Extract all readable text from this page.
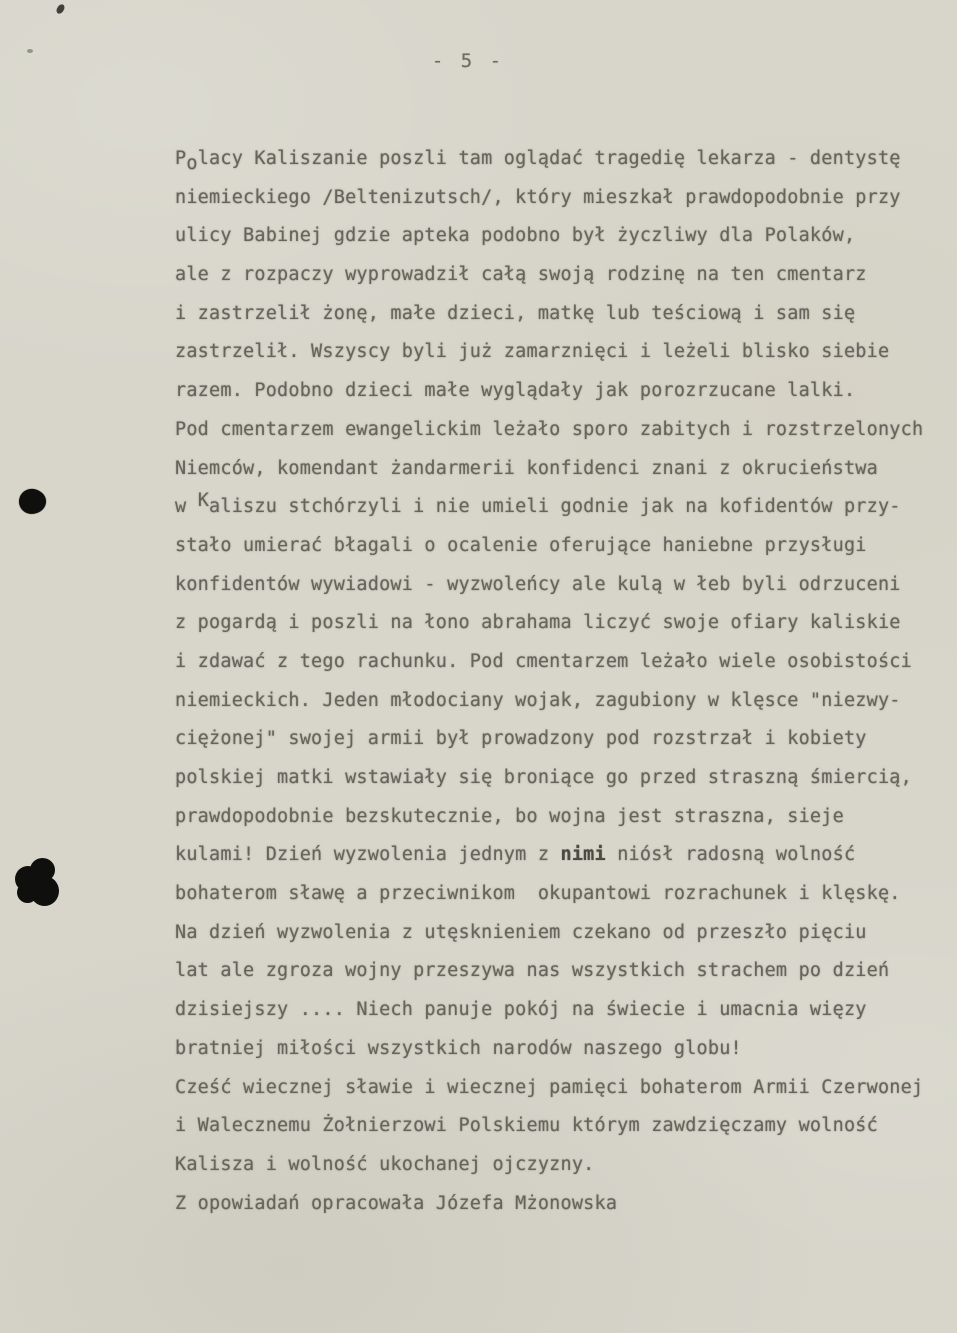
- 5 -
Polacy Kaliszanie poszli tam oglądać tragedię lekarza - dentystę
niemieckiego /Beltenizutsch/, który mieszkał prawdopodobnie przy
ulicy Babinej gdzie apteka podobno był życzliwy dla Polaków,
ale z rozpaczy wyprowadził całą swoją rodzinę na ten cmentarz
i zastrzelił żonę, małe dzieci, matkę lub teściową i sam się
zastrzelił. Wszyscy byli już zamarznięci i leżeli blisko siebie
razem. Podobno dzieci małe wyglądały jak porozrzucane lalki.
Pod cmentarzem ewangelickim leżało sporo zabitych i rozstrzelonych
Niemców, komendant żandarmerii konfidenci znani z okrucieństwa
w Kaliszu stchórzyli i nie umieli godnie jak na kofidentów przy-
stało umierać błagali o ocalenie oferujące haniebne przysługi
konfidentów wywiadowi - wyzwoleńcy ale kulą w łeb byli odrzuceni
z pogardą i poszli na łono abrahama liczyć swoje ofiary kaliskie
i zdawać z tego rachunku. Pod cmentarzem leżało wiele osobistości
niemieckich. Jeden młodociany wojak, zagubiony w klęsce "niezwy-
ciężonej" swojej armii był prowadzony pod rozstrzał i kobiety
polskiej matki wstawiały się broniące go przed straszną śmiercią,
prawdopodobnie bezskutecznie, bo wojna jest straszna, sieje
kulami! Dzień wyzwolenia jednym z nimi niósł radosną wolność
bohaterom sławę a przeciwnikom  okupantowi rozrachunek i klęskę.
Na dzień wyzwolenia z utęsknieniem czekano od przeszło pięciu
lat ale zgroza wojny przeszywa nas wszystkich strachem po dzień
dzisiejszy .... Niech panuje pokój na świecie i umacnia więzy
bratniej miłości wszystkich narodów naszego globu!
Cześć wiecznej sławie i wiecznej pamięci bohaterom Armii Czerwonej
i Walecznemu Żołnierzowi Polskiemu którym zawdzięczamy wolność
Kalisza i wolność ukochanej ojczyzny.
Z opowiadań opracowała Józefa Mżonowska
